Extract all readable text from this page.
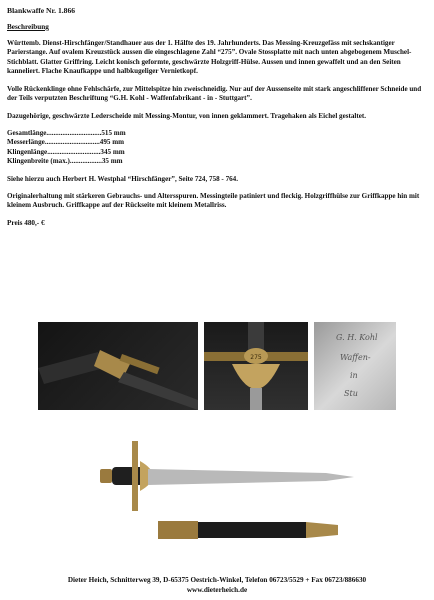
Blankwaffe Nr. 1.866
Beschreibung

Württemb. Dienst-Hirschfänger/Standhauer aus der 1. Hälfte des 19. Jahrhunderts. Das Messing-Kreuzgefäss mit sechskantiger Parierstange. Auf ovalem Kreuzstück aussen die eingeschlagene Zahl “275”. Ovale Stossplatte mit nach unten abgebogenem Muschel-Stichblatt. Glatter Griffring. Leicht konisch geformte, geschwärzte Holzgriff-Hülse. Aussen und innen gewaffelt und an den Seiten kanneliert. Flache Knaufkappe und halbkugeliger Vernietkopf.

Volle Rückenklinge ohne Fehlschärfe, zur Mittelspitze hin zweischneidig. Nur auf der Aussenseite mit stark angeschliffener Schneide und der Teils verputzten Beschriftung “G.H. Kohl - Waffenfabrikant - in - Stuttgart”.

Dazugehörige, geschwärzte Lederscheide mit Messing-Montur, von innen geklammert. Tragehaken als Eichel gestaltet.

Gesamtlänge...............................515 mm
Messerlänge...............................495 mm
Klingenlänge..............................345 mm
Klingenbreite (max.)..................35 mm

Siehe hierzu auch Herbert H. Westphal “Hirschfänger”, Seite 724, 758 - 764.

Originalerhaltung mit stärkeren Gebrauchs- und Altersspuren. Messingteile patiniert und fleckig. Holzgriffhülse zur Griffkappe hin mit kleinem Ausbruch. Griffkappe auf der Rückseite mit kleinem Metallriss.

Preis 480,- €
275
G. H. Kohl
Waffen-
in
Stu
Dieter Heich, Schnitterweg 39, D-65375 Oestrich-Winkel, Telefon 06723/5529 + Fax 06723/886630
www.dieterheich.de
